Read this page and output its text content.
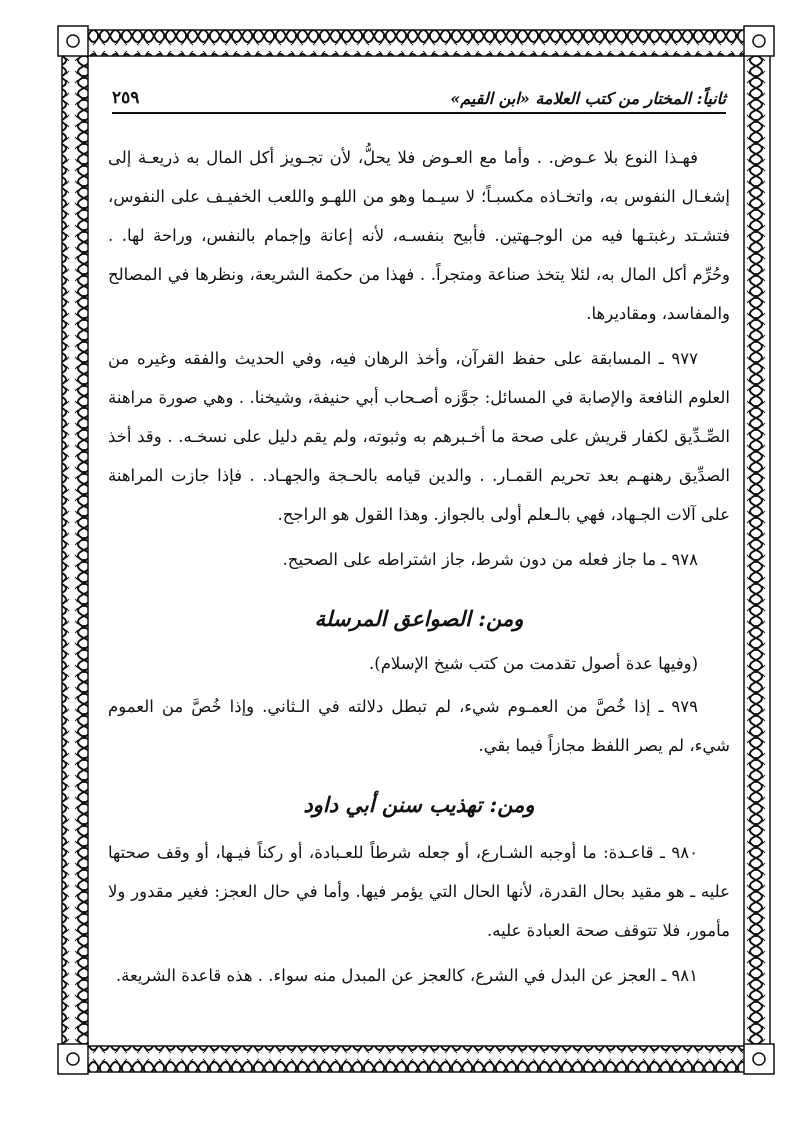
ثانياً: المختار من كتب العلامة «ابن القيم»
٢٥٩

فهـذا النوع بلا عـوض. . وأما مع العـوض فلا يحلُّ، لأن تجـويز أكل المال به ذريعـة إلى إشغـال النفوس به، واتخـاذه مكسبـاً؛ لا سيـما وهو من اللهـو واللعب الخفيـف على النفوس، فتشـتد رغبتـها فيه من الوجـهتين. فأبيح بنفسـه، لأنه إعانة وإجمام بالنفس، وراحة لها. . وحُرِّم أكل المال به، لئلا يتخذ صناعة ومتجراً. . فهذا من حكمة الشريعة، ونظرها في المصالح والمفاسد، ومقاديرها.

٩٧٧ ـ المسابقة على حفظ القرآن، وأخذ الرهان فيه، وفي الحديث والفقه وغيره من العلوم النافعة والإصابة في المسائل: جوَّزه أصـحاب أبي حنيفة، وشيخنا. . وهي صورة مراهنة الصِّـدِّيق لكفار قريش على صحة ما أخـبرهم به وثبوته، ولم يقم دليل على نسخـه. . وقد أخذ الصدِّيق رهنهـم بعد تحريم القمـار. . والدين قيامه بالحـجة والجهـاد. . فإذا جازت المراهنة على آلات الجـهاد، فهي بالـعلم أولى بالجواز. وهذا القول هو الراجح.

٩٧٨ ـ ما جاز فعله من دون شرط، جاز اشتراطه على الصحيح.

ومن: الصواعق المرسلة

(وفيها عدة أصول تقدمت من كتب شيخ الإسلام).

٩٧٩ ـ إذا خُصَّ من العمـوم شيء، لم تبطل دلالته في الـثاني. وإذا خُصَّ من العموم شيء، لم يصر اللفظ مجازاً فيما بقي.

ومن: تهذيب سنن أبي داود

٩٨٠ ـ قاعـدة: ما أوجبه الشـارع، أو جعله شرطاً للعـبادة، أو ركناً فيـها، أو وقف صحتها عليه ـ هو مقيد بحال القدرة، لأنها الحال التي يؤمر فيها. وأما في حال العجز: فغير مقدور ولا مأمور، فلا تتوقف صحة العبادة عليه.

٩٨١ ـ العجز عن البدل في الشرع، كالعجز عن المبدل منه سواء. . هذه قاعدة الشريعة.
